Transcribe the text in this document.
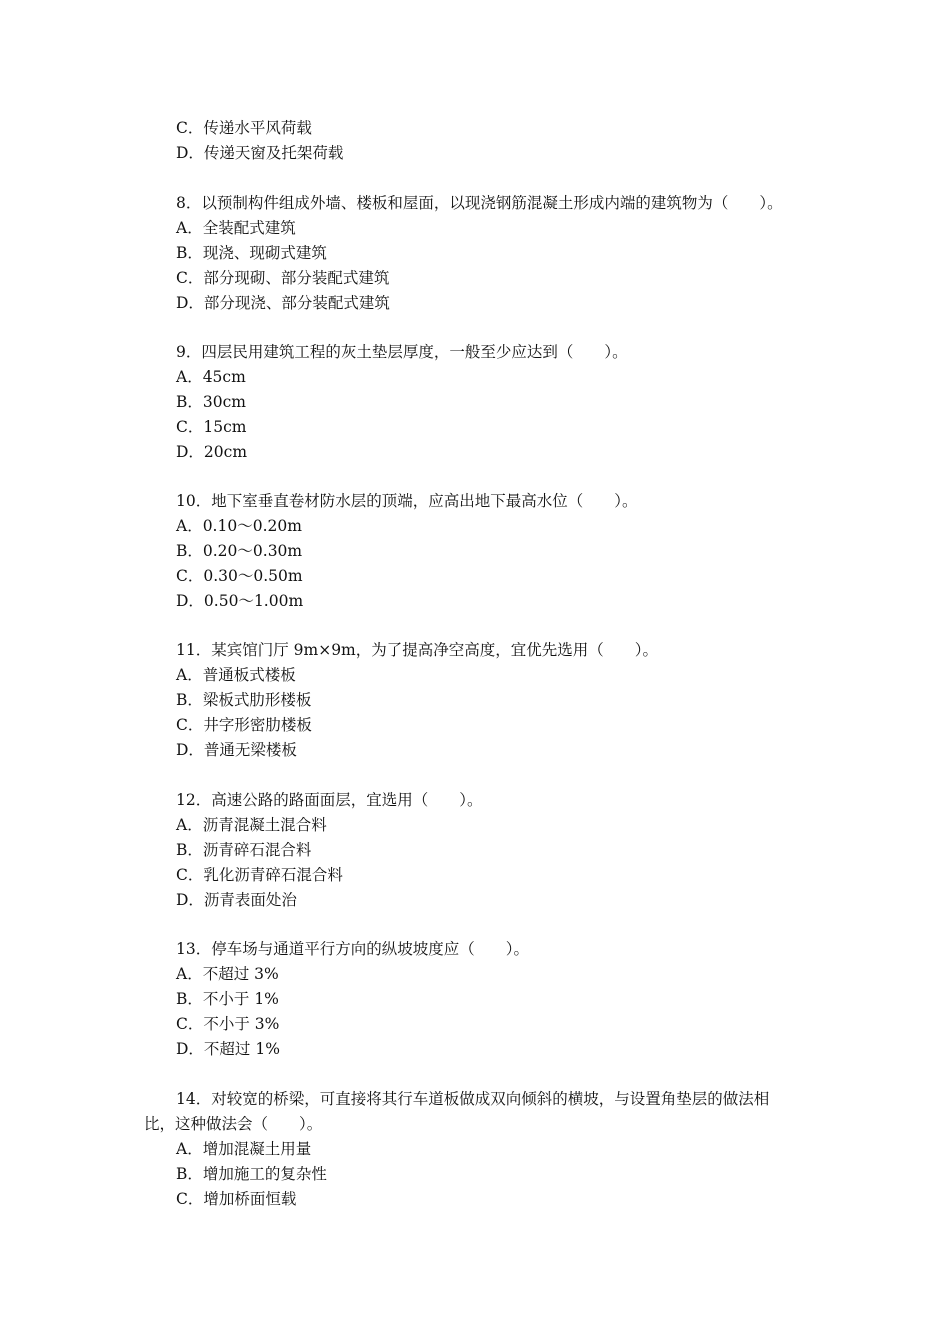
C．传递水平风荷载
D．传递天窗及托架荷载
8．以预制构件组成外墙、楼板和屋面，以现浇钢筋混凝土形成内端的建筑物为（　　）。
A．全装配式建筑
B．现浇、现砌式建筑
C．部分现砌、部分装配式建筑
D．部分现浇、部分装配式建筑
9．四层民用建筑工程的灰土垫层厚度，一般至少应达到（　　）。
A．45cm
B．30cm
C．15cm
D．20cm
10．地下室垂直卷材防水层的顶端，应高出地下最高水位（　　）。
A．0.10～0.20m
B．0.20～0.30m
C．0.30～0.50m
D．0.50～1.00m
11．某宾馆门厅 9m×9m，为了提高净空高度，宜优先选用（　　）。
A．普通板式楼板
B．梁板式肋形楼板
C．井字形密肋楼板
D．普通无梁楼板
12．高速公路的路面面层，宜选用（　　）。
A．沥青混凝土混合料
B．沥青碎石混合料
C．乳化沥青碎石混合料
D．沥青表面处治
13．停车场与通道平行方向的纵坡坡度应（　　）。
A．不超过 3%
B．不小于 1%
C．不小于 3%
D．不超过 1%
14．对较宽的桥梁，可直接将其行车道板做成双向倾斜的横坡，与设置角垫层的做法相
比，这种做法会（　　）。
A．增加混凝土用量
B．增加施工的复杂性
C．增加桥面恒载
